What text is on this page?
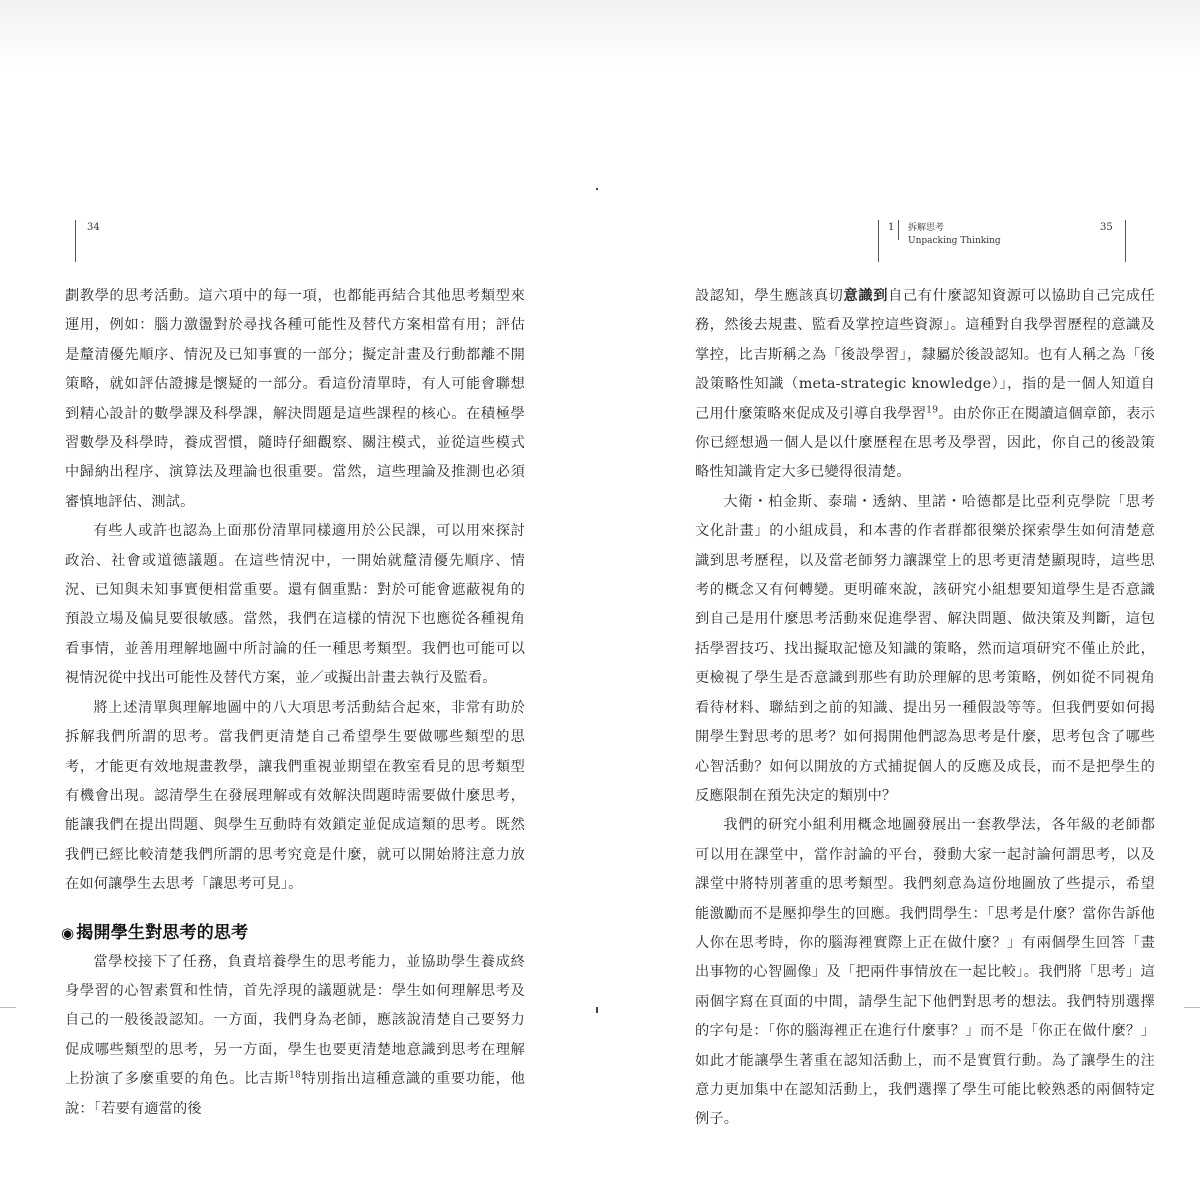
34

劃教學的思考活動。這六項中的每一項，也都能再結合其他思考類型來運用，例如：腦力激盪對於尋找各種可能性及替代方案相當有用；評估是釐清優先順序、情況及已知事實的一部分；擬定計畫及行動都離不開策略，就如評估證據是懷疑的一部分。看這份清單時，有人可能會聯想到精心設計的數學課及科學課，解決問題是這些課程的核心。在積極學習數學及科學時，養成習慣，隨時仔細觀察、關注模式，並從這些模式中歸納出程序、演算法及理論也很重要。當然，這些理論及推測也必須審慎地評估、測試。

有些人或許也認為上面那份清單同樣適用於公民課，可以用來探討政治、社會或道德議題。在這些情況中，一開始就釐清優先順序、情況、已知與未知事實便相當重要。還有個重點：對於可能會遮蔽視角的預設立場及偏見要很敏感。當然，我們在這樣的情況下也應從各種視角看事情，並善用理解地圖中所討論的任一種思考類型。我們也可能可以視情況從中找出可能性及替代方案，並／或擬出計畫去執行及監看。

將上述清單與理解地圖中的八大項思考活動結合起來，非常有助於拆解我們所謂的思考。當我們更清楚自己希望學生要做哪些類型的思考，才能更有效地規畫教學，讓我們重視並期望在教室看見的思考類型有機會出現。認清學生在發展理解或有效解決問題時需要做什麼思考，能讓我們在提出問題、與學生互動時有效鎖定並促成這類的思考。既然我們已經比較清楚我們所謂的思考究竟是什麼，就可以開始將注意力放在如何讓學生去思考「讓思考可見」。

◉ 揭開學生對思考的思考

當學校接下了任務，負責培養學生的思考能力，並協助學生養成終身學習的心智素質和性情，首先浮現的議題就是：學生如何理解思考及自己的一般後設認知。一方面，我們身為老師，應該說清楚自己要努力促成哪些類型的思考，另一方面，學生也要更清楚地意識到思考在理解上扮演了多麼重要的角色。比吉斯$^{18}$特別指出這種意識的重要功能，他說：「若要有適當的後

1 拆解思考
Unpacking Thinking
35

設認知，學生應該真切意識到自己有什麼認知資源可以協助自己完成任務，然後去規畫、監看及掌控這些資源」。這種對自我學習歷程的意識及掌控，比吉斯稱之為「後設學習」，隸屬於後設認知。也有人稱之為「後設策略性知識（meta-strategic knowledge）」，指的是一個人知道自己用什麼策略來促成及引導自我學習$^{19}$。由於你正在閱讀這個章節，表示你已經想過一個人是以什麼歷程在思考及學習，因此，你自己的後設策略性知識肯定大多已變得很清楚。

大衛・柏金斯、泰瑞・透納、里諾・哈德都是比亞利克學院「思考文化計畫」的小組成員，和本書的作者群都很樂於探索學生如何清楚意識到思考歷程，以及當老師努力讓課堂上的思考更清楚顯現時，這些思考的概念又有何轉變。更明確來說，該研究小組想要知道學生是否意識到自己是用什麼思考活動來促進學習、解決問題、做決策及判斷，這包括學習技巧、找出擬取記憶及知識的策略，然而這項研究不僅止於此，更檢視了學生是否意識到那些有助於理解的思考策略，例如從不同視角看待材料、聯結到之前的知識、提出另一種假設等等。但我們要如何揭開學生對思考的思考？如何揭開他們認為思考是什麼，思考包含了哪些心智活動？如何以開放的方式捕捉個人的反應及成長，而不是把學生的反應限制在預先決定的類別中？

我們的研究小組利用概念地圖發展出一套教學法，各年級的老師都可以用在課堂中，當作討論的平台，發動大家一起討論何謂思考，以及課堂中將特別著重的思考類型。我們刻意為這份地圖放了些提示，希望能激勵而不是壓抑學生的回應。我們問學生：「思考是什麼？當你告訴他人你在思考時，你的腦海裡實際上正在做什麼？」有兩個學生回答「畫出事物的心智圖像」及「把兩件事情放在一起比較」。我們將「思考」這兩個字寫在頁面的中間，請學生記下他們對思考的想法。我們特別選擇的字句是：「你的腦海裡正在進行什麼事？」而不是「你正在做什麼？」如此才能讓學生著重在認知活動上，而不是實質行動。為了讓學生的注意力更加集中在認知活動上，我們選擇了學生可能比較熟悉的兩個特定例子。
